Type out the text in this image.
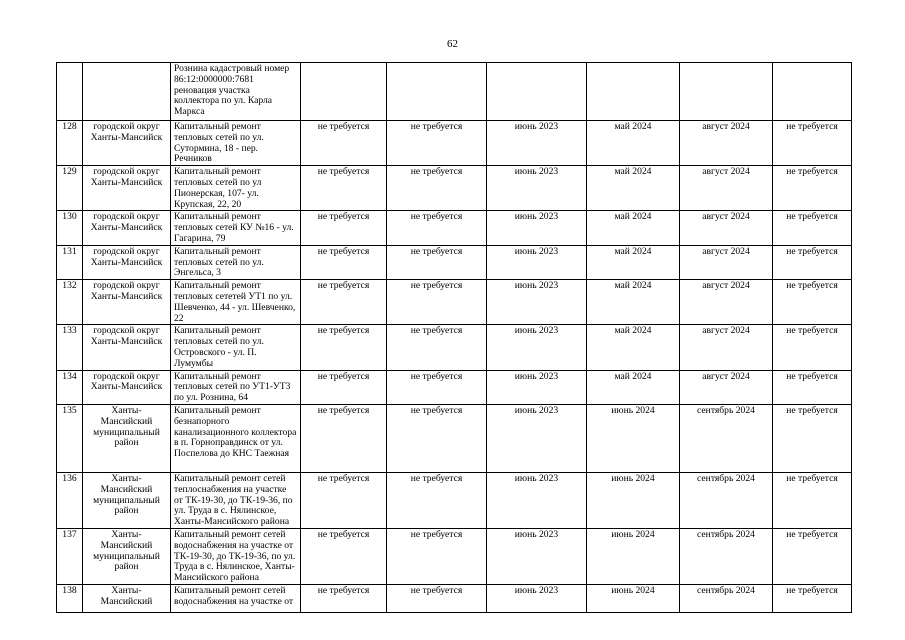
62
		Рознина кадастровый номер 86:12:0000000:7681 реновация участка коллектора по ул. Карла Маркса						
128	городской округ Ханты-Мансийск	Капитальный ремонт тепловых сетей по ул. Сутормина, 18 - пер. Речников	не требуется	не требуется	июнь 2023	май 2024	август 2024	не требуется
129	городской округ Ханты-Мансийск	Капитальный ремонт тепловых сетей по ул Пионерская, 107- ул. Крупская, 22, 20	не требуется	не требуется	июнь 2023	май 2024	август 2024	не требуется
130	городской округ Ханты-Мансийск	Капитальный ремонт тепловых сетей КУ №16 - ул. Гагарина, 79	не требуется	не требуется	июнь 2023	май 2024	август 2024	не требуется
131	городской округ Ханты-Мансийск	Капитальный ремонт тепловых сетей по ул. Энгельса, 3	не требуется	не требуется	июнь 2023	май 2024	август 2024	не требуется
132	городской округ Ханты-Мансийск	Капитальный ремонт тепловых сететей УТ1 по ул. Шевченко, 44 - ул. Шевченко, 22	не требуется	не требуется	июнь 2023	май 2024	август 2024	не требуется
133	городской округ Ханты-Мансийск	Капитальный ремонт тепловых сетей по ул. Островского - ул. П. Лумумбы	не требуется	не требуется	июнь 2023	май 2024	август 2024	не требуется
134	городской округ Ханты-Мансийск	Капитальный ремонт тепловых сетей по УТ1-УТ3 по ул. Рознина, 64	не требуется	не требуется	июнь 2023	май 2024	август 2024	не требуется
135	Ханты-Мансийский муниципальный район	Капитальный ремонт безнапорного канализационного коллектора в п. Горноправдинск от ул. Поспелова до КНС Таежная	не требуется	не требуется	июнь 2023	июнь 2024	сентябрь 2024	не требуется
136	Ханты-Мансийский муниципальный район	Капитальный ремонт сетей теплоснабжения на участке от ТК-19-30, до ТК-19-36, по ул. Труда в с. Нялинское, Ханты-Мансийского района	не требуется	не требуется	июнь 2023	июнь 2024	сентябрь 2024	не требуется
137	Ханты-Мансийский муниципальный район	Капитальный ремонт сетей водоснабжения на участке от ТК-19-30, до ТК-19-36, по ул. Труда в с. Нялинское, Ханты-Мансийского района	не требуется	не требуется	июнь 2023	июнь 2024	сентябрь 2024	не требуется
138	Ханты-Мансийский	Капитальный ремонт сетей водоснабжения на участке от	не требуется	не требуется	июнь 2023	июнь 2024	сентябрь 2024	не требуется
